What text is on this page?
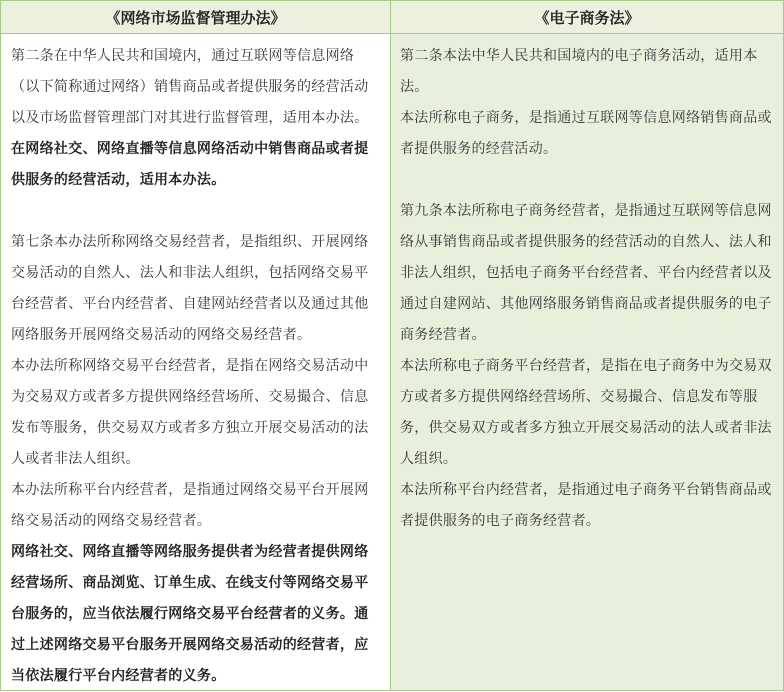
《网络市场监督管理办法》	《电子商务法》

第二条在中华人民共和国境内，通过互联网等信息网络（以下简称通过网络）销售商品或者提供服务的经营活动以及市场监督管理部门对其进行监督管理，适用本办法。

在网络社交、网络直播等信息网络活动中销售商品或者提供服务的经营活动，适用本办法。

第七条本办法所称网络交易经营者，是指组织、开展网络交易活动的自然人、法人和非法人组织，包括网络交易平台经营者、平台内经营者、自建网站经营者以及通过其他网络服务开展网络交易活动的网络交易经营者。

本办法所称网络交易平台经营者，是指在网络交易活动中为交易双方或者多方提供网络经营场所、交易撮合、信息发布等服务，供交易双方或者多方独立开展交易活动的法人或者非法人组织。

本办法所称平台内经营者，是指通过网络交易平台开展网络交易活动的网络交易经营者。

网络社交、网络直播等网络服务提供者为经营者提供网络经营场所、商品浏览、订单生成、在线支付等网络交易平台服务的，应当依法履行网络交易平台经营者的义务。通过上述网络交易平台服务开展网络交易活动的经营者，应当依法履行平台内经营者的义务。

第二条本法中华人民共和国境内的电子商务活动，适用本法。

本法所称电子商务，是指通过互联网等信息网络销售商品或者提供服务的经营活动。

第九条本法所称电子商务经营者，是指通过互联网等信息网络从事销售商品或者提供服务的经营活动的自然人、法人和非法人组织，包括电子商务平台经营者、平台内经营者以及通过自建网站、其他网络服务销售商品或者提供服务的电子商务经营者。

本法所称电子商务平台经营者，是指在电子商务中为交易双方或者多方提供网络经营场所、交易撮合、信息发布等服务，供交易双方或者多方独立开展交易活动的法人或者非法人组织。

本法所称平台内经营者，是指通过电子商务平台销售商品或者提供服务的电子商务经营者。
